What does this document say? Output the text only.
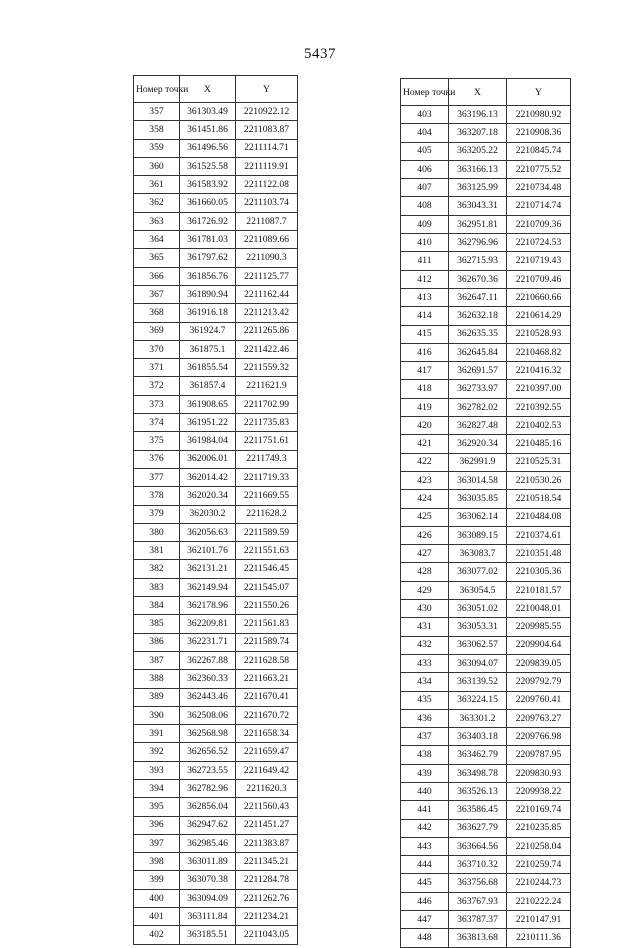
5437
Номер точки	X	Y
357	361303.49	2210922.12
358	361451.86	2211083.87
359	361496.56	2211114.71
360	361525.58	2211119.91
361	361583.92	2211122.08
362	361660.05	2211103.74
363	361726.92	2211087.7
364	361781.03	2211089.66
365	361797.62	2211090.3
366	361856.76	2211125.77
367	361890.94	2211162.44
368	361916.18	2211213.42
369	361924.7	2211265.86
370	361875.1	2211422.46
371	361855.54	2211559.32
372	361857.4	2211621.9
373	361908.65	2211702.99
374	361951.22	2211735.83
375	361984.04	2211751.61
376	362006.01	2211749.3
377	362014.42	2211719.33
378	362020.34	2211669.55
379	362030.2	2211628.2
380	362056.63	2211589.59
381	362101.76	2211551.63
382	362131.21	2211546.45
383	362149.94	2211545.07
384	362178.96	2211550.26
385	362209.81	2211561.83
386	362231.71	2211589.74
387	362267.88	2211628.58
388	362360.33	2211663.21
389	362443.46	2211670.41
390	362508.06	2211670.72
391	362568.98	2211658.34
392	362656.52	2211659.47
393	362723.55	2211649.42
394	362782.96	2211620.3
395	362856.04	2211560.43
396	362947.62	2211451.27
397	362985.46	2211383.87
398	363011.89	2211345.21
399	363070.38	2211284.78
400	363094.09	2211262.76
401	363111.84	2211234.21
402	363185.51	2211043.05
Номер точки	X	Y
403	363196.13	2210980.92
404	363207.18	2210908.36
405	363205.22	2210845.74
406	363166.13	2210775.52
407	363125.99	2210734.48
408	363043.31	2210714.74
409	362951.81	2210709.36
410	362796.96	2210724.53
411	362715.93	2210719.43
412	362670.36	2210709.46
413	362647.11	2210660.66
414	362632.18	2210614.29
415	362635.35	2210528.93
416	362645.84	2210468.82
417	362691.57	2210416.32
418	362733.97	2210397.00
419	362782.02	2210392.55
420	362827.48	2210402.53
421	362920.34	2210485.16
422	362991.9	2210525.31
423	363014.58	2210530.26
424	363035.85	2210518.54
425	363062.14	2210484.08
426	363089.15	2210374.61
427	363083.7	2210351.48
428	363077.02	2210305.36
429	363054.5	2210181.57
430	363051.02	2210048.01
431	363053.31	2209985.55
432	363062.57	2209904.64
433	363094.07	2209839.05
434	363139.52	2209792.79
435	363224.15	2209760.41
436	363301.2	2209763.27
437	363403.18	2209766.98
438	363462.79	2209787.95
439	363498.78	2209830.93
440	363526.13	2209938.22
441	363586.45	2210169.74
442	363627.79	2210235.85
443	363664.56	2210258.04
444	363710.32	2210259.74
445	363756.68	2210244.73
446	363767.93	2210222.24
447	363787.37	2210147.91
448	363813.68	2210111.36
